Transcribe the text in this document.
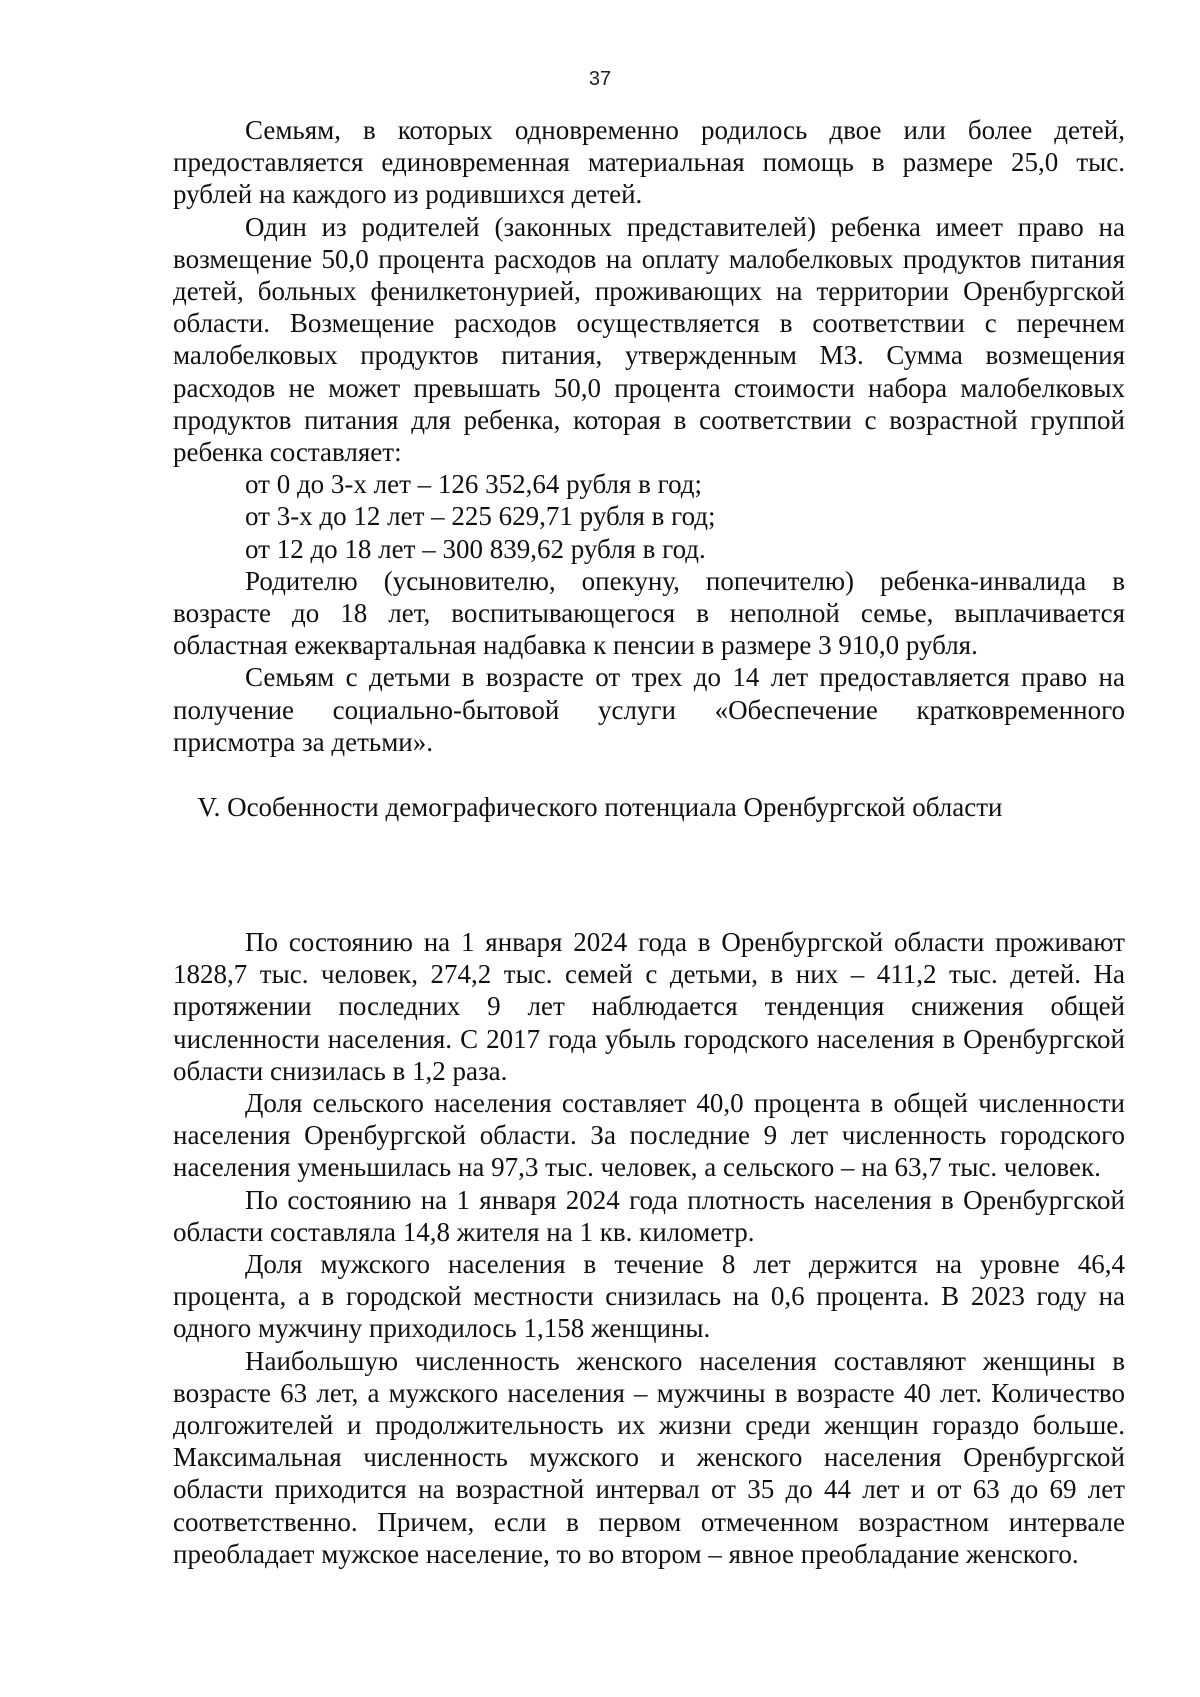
37

Семьям, в которых одновременно родилось двое или более детей, предоставляется единовременная материальная помощь в размере 25,0 тыс. рублей на каждого из родившихся детей.

Один из родителей (законных представителей) ребенка имеет право на возмещение 50,0 процента расходов на оплату малобелковых продуктов питания детей, больных фенилкетонурией, проживающих на территории Оренбургской области. Возмещение расходов осуществляется в соответствии с перечнем малобелковых продуктов питания, утвержденным МЗ. Сумма возмещения расходов не может превышать 50,0 процента стоимости набора малобелковых продуктов питания для ребенка, которая в соответствии с возрастной группой ребенка составляет:

от 0 до 3-х лет – 126 352,64 рубля в год;

от 3-х до 12 лет – 225 629,71 рубля в год;

от 12 до 18 лет – 300 839,62 рубля в год.

Родителю (усыновителю, опекуну, попечителю) ребенка-инвалида в возрасте до 18 лет, воспитывающегося в неполной семье, выплачивается областная ежеквартальная надбавка к пенсии в размере 3 910,0 рубля.

Семьям с детьми в возрасте от трех до 14 лет предоставляется право на получение социально-бытовой услуги «Обеспечение кратковременного присмотра за детьми».

V. Особенности демографического потенциала Оренбургской области

По состоянию на 1 января 2024 года в Оренбургской области проживают 1828,7 тыс. человек, 274,2 тыс. семей с детьми, в них – 411,2 тыс. детей. На протяжении последних 9 лет наблюдается тенденция снижения общей численности населения. С 2017 года убыль городского населения в Оренбургской области снизилась в 1,2 раза.

Доля сельского населения составляет 40,0 процента в общей численности населения Оренбургской области. За последние 9 лет численность городского населения уменьшилась на 97,3 тыс. человек, а сельского – на 63,7 тыс. человек.

По состоянию на 1 января 2024 года плотность населения в Оренбургской области составляла 14,8 жителя на 1 кв. километр.

Доля мужского населения в течение 8 лет держится на уровне 46,4 процента, а в городской местности снизилась на 0,6 процента. В 2023 году на одного мужчину приходилось 1,158 женщины.

Наибольшую численность женского населения составляют женщины в возрасте 63 лет, а мужского населения – мужчины в возрасте 40 лет. Количество долгожителей и продолжительность их жизни среди женщин гораздо больше. Максимальная численность мужского и женского населения Оренбургской области приходится на возрастной интервал от 35 до 44 лет и от 63 до 69 лет соответственно. Причем, если в первом отмеченном возрастном интервале преобладает мужское население, то во втором – явное преобладание женского.
